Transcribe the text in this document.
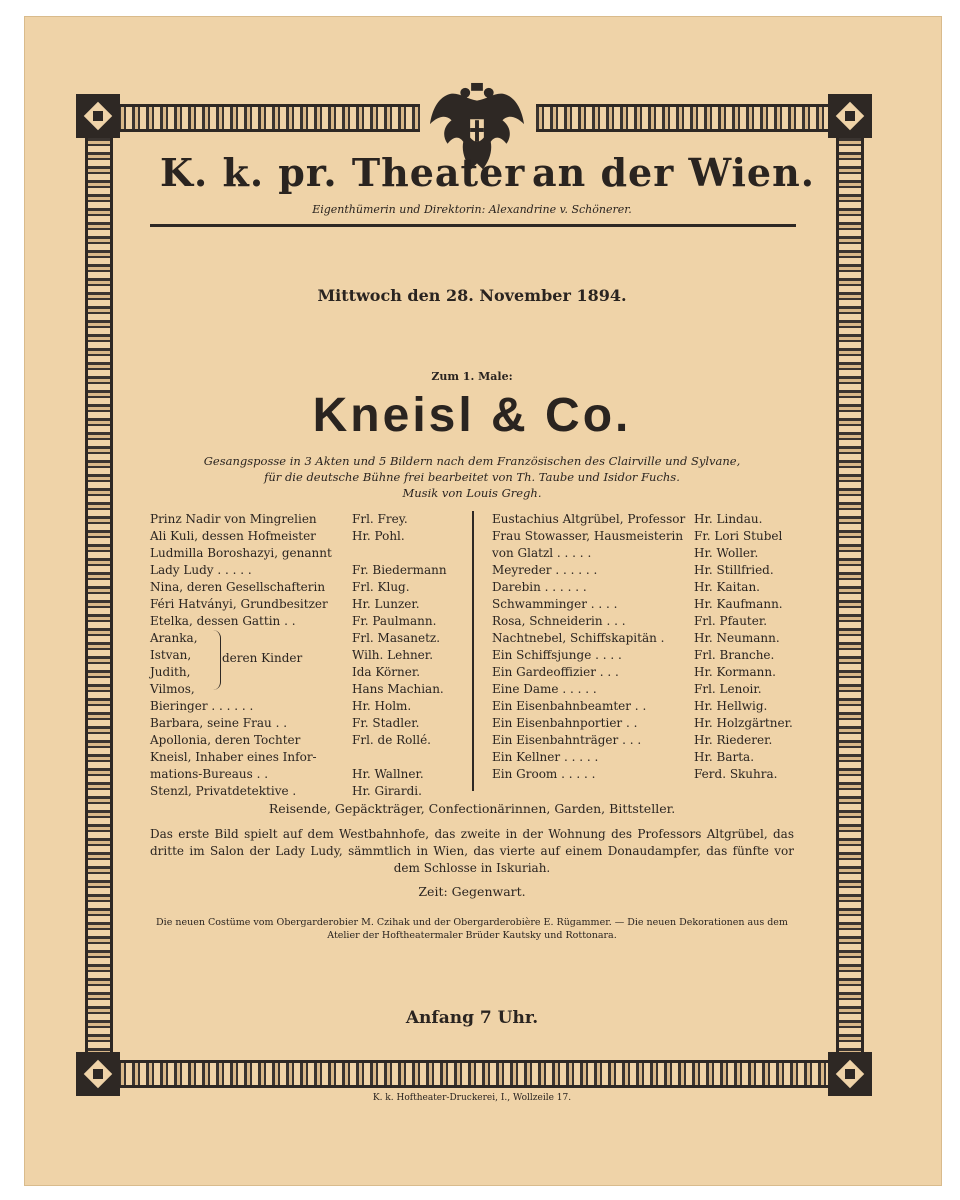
K. k. pr. Theater an der Wien.

Eigenthümerin und Direktorin: Alexandrine v. Schönerer.

Mittwoch den 28. November 1894.

Zum 1. Male:

Kneisl & Co.

Gesangsposse in 3 Akten und 5 Bildern nach dem Französischen des Clairville und Sylvane,

für die deutsche Bühne frei bearbeitet von Th. Taube und Isidor Fuchs.

Musik von Louis Gregh.

Prinz Nadir von Mingrelien	Frl. Frey.
Ali Kuli, dessen Hofmeister	Hr. Pohl.
Ludmilla Boroshazyi, genannt
Lady Ludy . . . . .	Fr. Biedermann
Nina, deren Gesellschafterin Frl. Klug.
Féri Hatványi, Grundbesitzer Hr. Lunzer.
Etelka, dessen Gattin . .	Fr. Paulmann.
Aranka,	Frl. Masanetz.
Istvan,	Wilh. Lehner.
Judith,	Ida Körner.
Vilmos,	Hans Machian.
Bieringer . . . . . .	Hr. Holm.
Barbara, seine Frau . .	Fr. Stadler.
Apollonia, deren Tochter	Frl. de Rollé.
Kneisl, Inhaber eines Infor-
mations-Bureaus . .	Hr. Wallner.
Stenzl, Privatdetektive .	Hr. Girardi.
deren Kinder
Eustachius Altgrübel, Professor Hr. Lindau.
Frau Stowasser, Hausmeisterin Fr. Lori Stubel
von Glatzl . . . . .	Hr. Woller.
Meyreder . . . . . .	Hr. Stillfried.
Darebin . . . . . .	Hr. Kaitan.
Schwamminger . . . .	Hr. Kaufmann.
Rosa, Schneiderin . . .	Frl. Pfauter.
Nachtnebel, Schiffskapitän . Hr. Neumann.
Ein Schiffsjunge . . . .	Frl. Branche.
Ein Gardeoffizier . . .	Hr. Kormann.
Eine Dame . . . . .	Frl. Lenoir.
Ein Eisenbahnbeamter . .	Hr. Hellwig.
Ein Eisenbahnportier . .	Hr. Holzgärtner.
Ein Eisenbahnträger . . .	Hr. Riederer.
Ein Kellner . . . . .	Hr. Barta.
Ein Groom . . . . .	Ferd. Skuhra.

Reisende, Gepäckträger, Confectionärinnen, Garden, Bittsteller.

Das erste Bild spielt auf dem Westbahnhofe, das zweite in der Wohnung des Professors Altgrübel, das dritte im Salon der Lady Ludy, sämmtlich in Wien, das vierte auf einem Donaudampfer, das fünfte vor dem Schlosse in Iskuriah.

Zeit: Gegenwart.

Die neuen Costüme vom Obergarderobier M. Czihak und der Obergarderobière E. Rügammer. — Die neuen Dekorationen aus dem Atelier der Hoftheatermaler Brüder Kautsky und Rottonara.

Anfang 7 Uhr.

K. k. Hoftheater-Druckerei, I., Wollzeile 17.
